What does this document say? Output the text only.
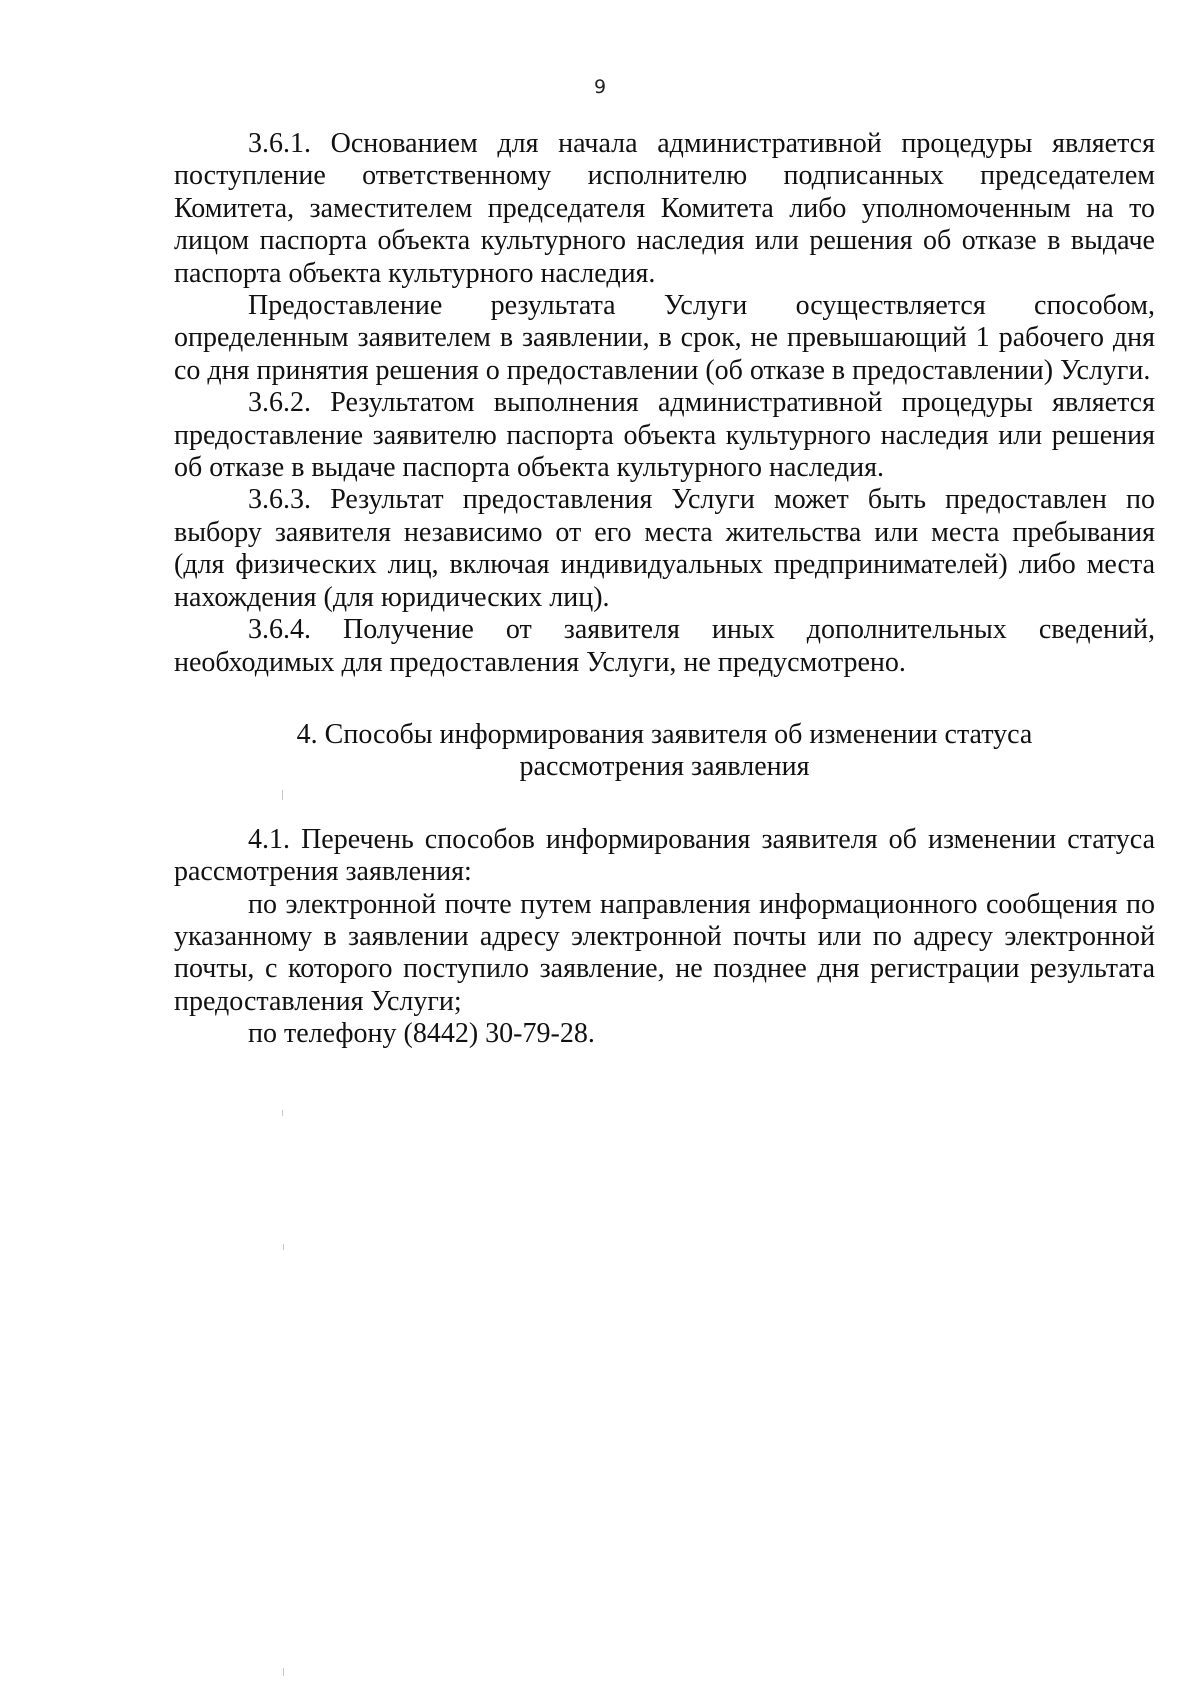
9

3.6.1. Основанием для начала административной процедуры является поступление ответственному исполнителю подписанных председателем Комитета, заместителем председателя Комитета либо уполномоченным на то лицом паспорта объекта культурного наследия или решения об отказе в выдаче паспорта объекта культурного наследия.

Предоставление результата Услуги осуществляется способом, определенным заявителем в заявлении, в срок, не превышающий 1 рабочего дня со дня принятия решения о предоставлении (об отказе в предоставлении) Услуги.

3.6.2. Результатом выполнения административной процедуры является предоставление заявителю паспорта объекта культурного наследия или решения об отказе в выдаче паспорта объекта культурного наследия.

3.6.3. Результат предоставления Услуги может быть предоставлен по выбору заявителя независимо от его места жительства или места пребывания (для физических лиц, включая индивидуальных предпринимателей) либо места нахождения (для юридических лиц).

3.6.4. Получение от заявителя иных дополнительных сведений, необходимых для предоставления Услуги, не предусмотрено.

4. Способы информирования заявителя об изменении статуса
рассмотрения заявления

4.1. Перечень способов информирования заявителя об изменении статуса рассмотрения заявления:

по электронной почте путем направления информационного сообщения по указанному в заявлении адресу электронной почты или по адресу электронной почты, с которого поступило заявление, не позднее дня регистрации результата предоставления Услуги;

по телефону (8442) 30-79-28.
